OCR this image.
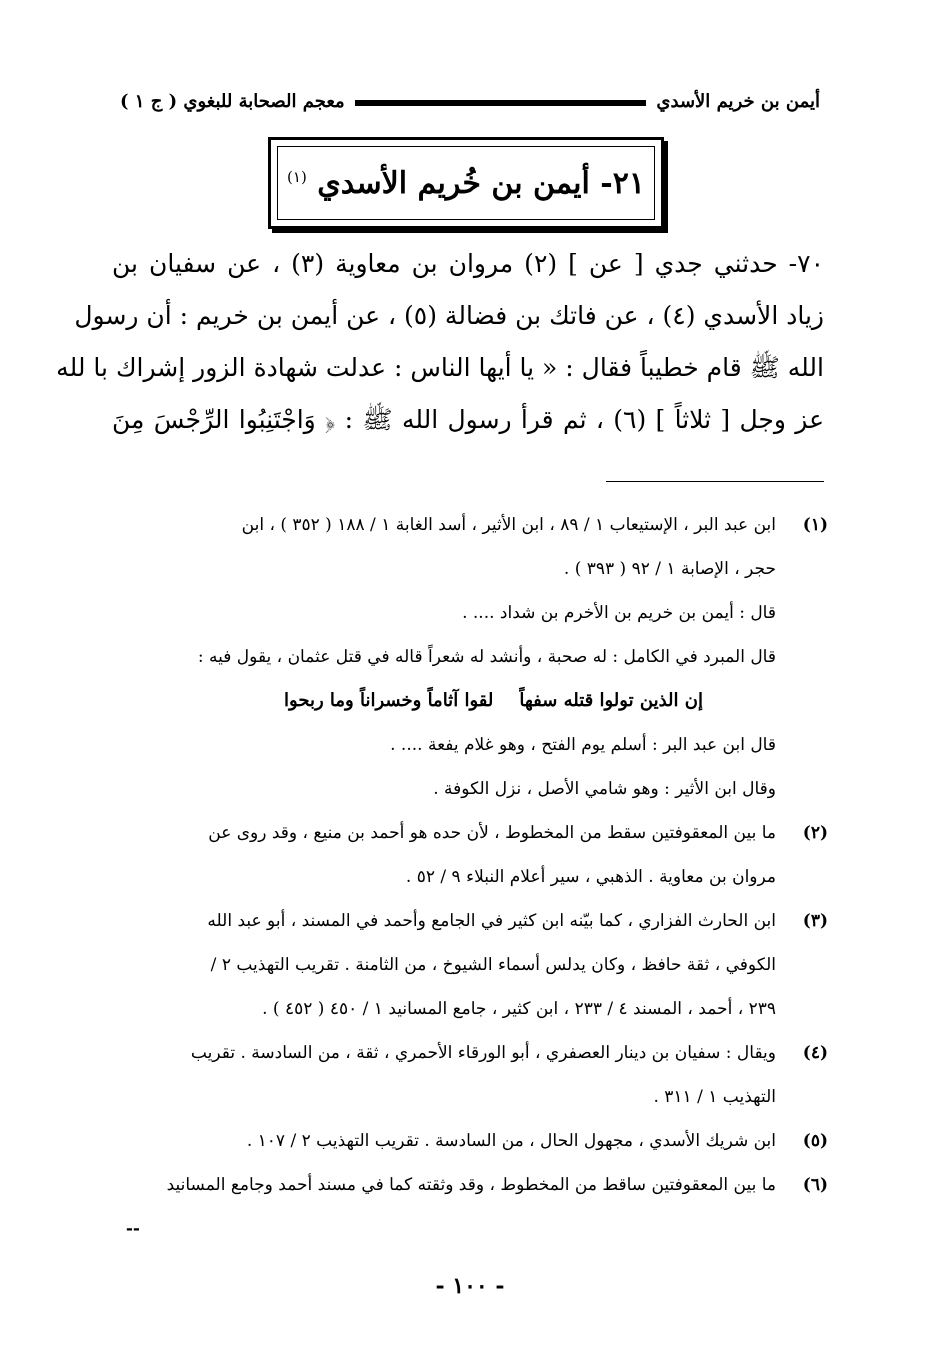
أيمن بن خريم الأسدي
معجم الصحابة للبغوي ( ج ١ )
٢١- أيمن بن خُريم الأسدي $^{(١)}$
٧٠- حدثني جدي [ عن ] (٢) مروان بن معاوية (٣) ، عن سفيان بن
زياد الأسدي (٤) ، عن فاتك بن فضالة (٥) ، عن أيمن بن خريم : أن رسول
الله ﷺ قام خطيباً فقال : « يا أيها الناس : عدلت شهادة الزور إشراك با لله
عز وجل [ ثلاثاً ] (٦) ، ثم قرأ رسول الله ﷺ : ﴿ وَاجْتَنِبُوا الرِّجْسَ مِنَ
(١)ابن عبد البر ، الإستيعاب ١ / ٨٩ ، ابن الأثير ، أسد الغابة ١ / ١٨٨ ( ٣٥٢ ) ، ابن
حجر ، الإصابة ١ / ٩٢ ( ٣٩٣ ) .
قال : أيمن بن خريم بن الأخرم بن شداد .... .
قال المبرد في الكامل : له صحبة ، وأنشد له شعراً قاله في قتل عثمان ، يقول فيه :
إن الذين تولوا قتله سفهاًلقوا آثاماً وخسراناً وما ربحوا
قال ابن عبد البر : أسلم يوم الفتح ، وهو غلام يفعة .... .
وقال ابن الأثير : وهو شامي الأصل ، نزل الكوفة .
(٢)ما بين المعقوفتين سقط من المخطوط ، لأن حده هو أحمد بن منيع ، وقد روى عن
مروان بن معاوية . الذهبي ، سير أعلام النبلاء ٩ / ٥٢ .
(٣)ابن الحارث الفزاري ، كما بيّنه ابن كثير في الجامع وأحمد في المسند ، أبو عبد الله
الكوفي ، ثقة حافظ ، وكان يدلس أسماء الشيوخ ، من الثامنة . تقريب التهذيب ٢ /
٢٣٩ ، أحمد ، المسند ٤ / ٢٣٣ ، ابن كثير ، جامع المسانيد ١ / ٤٥٠ ( ٤٥٢ ) .
(٤)ويقال : سفيان بن دينار العصفري ، أبو الورقاء الأحمري ، ثقة ، من السادسة . تقريب
التهذيب ١ / ٣١١ .
(٥)ابن شريك الأسدي ، مجهول الحال ، من السادسة . تقريب التهذيب ٢ / ١٠٧ .
(٦)ما بين المعقوفتين ساقط من المخطوط ، وقد وثقته كما في مسند أحمد وجامع المسانيد
--
- ١٠٠ -
